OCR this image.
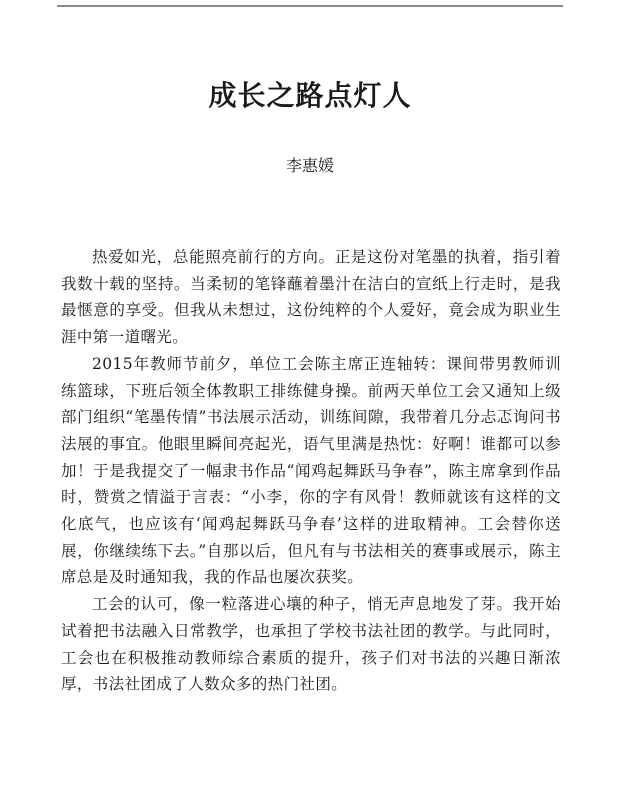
成长之路点灯人

李惠媛

热爱如光，总能照亮前行的方向。正是这份对笔墨的执着，指引着我数十载的坚持。当柔韧的笔锋蘸着墨汁在洁白的宣纸上行走时，是我最惬意的享受。但我从未想过，这份纯粹的个人爱好，竟会成为职业生涯中第一道曙光。

2015年教师节前夕，单位工会陈主席正连轴转：课间带男教师训练篮球，下班后领全体教职工排练健身操。前两天单位工会又通知上级部门组织“笔墨传情”书法展示活动，训练间隙，我带着几分忐忑询问书法展的事宜。他眼里瞬间亮起光，语气里满是热忱：好啊！谁都可以参加！于是我提交了一幅隶书作品“闻鸡起舞跃马争春”，陈主席拿到作品时，赞赏之情溢于言表：“小李，你的字有风骨！教师就该有这样的文化底气，也应该有‘闻鸡起舞跃马争春’这样的进取精神。工会替你送展，你继续练下去。”自那以后，但凡有与书法相关的赛事或展示，陈主席总是及时通知我，我的作品也屡次获奖。

工会的认可，像一粒落进心壤的种子，悄无声息地发了芽。我开始试着把书法融入日常教学，也承担了学校书法社团的教学。与此同时，工会也在积极推动教师综合素质的提升，孩子们对书法的兴趣日渐浓厚，书法社团成了人数众多的热门社团。
